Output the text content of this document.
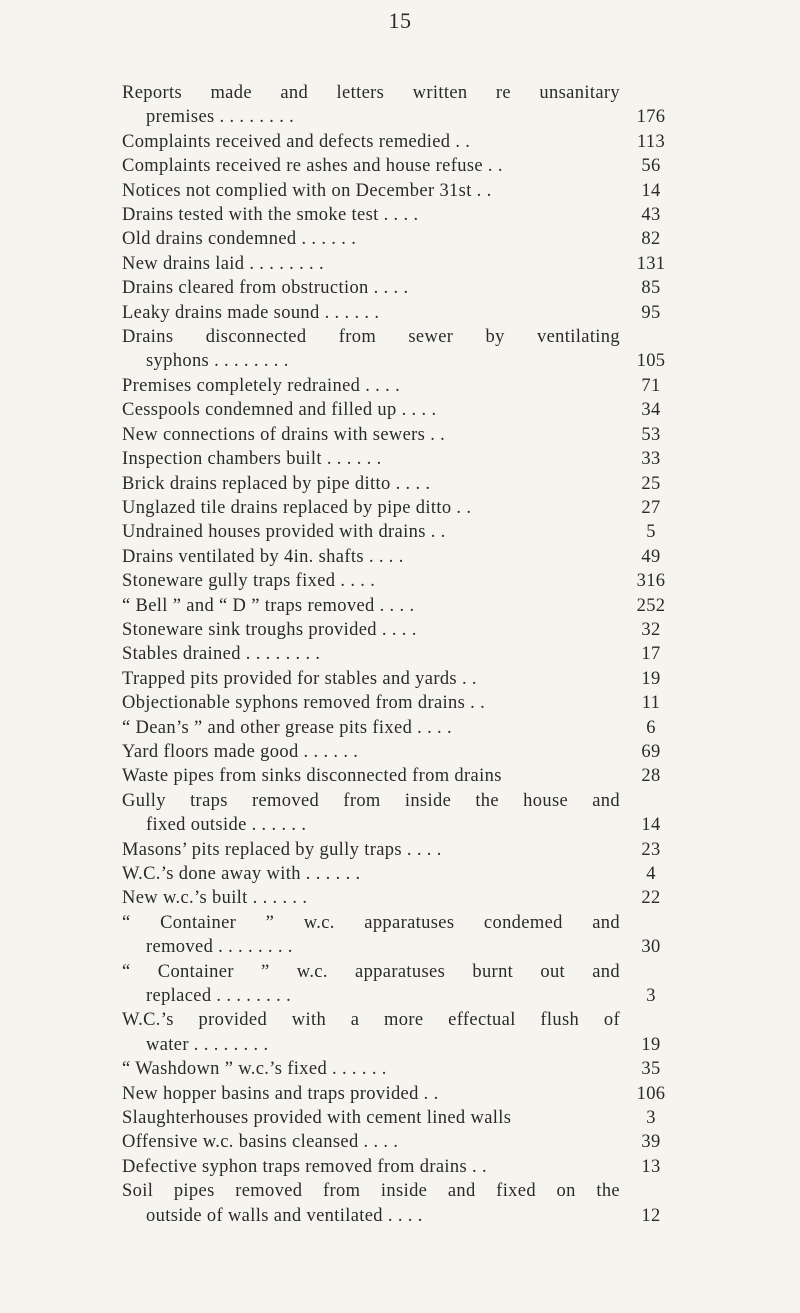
15
Reports made and letters written re unsanitary
premises . . . . . . . .	176
Complaints received and defects remedied . .	113
Complaints received re ashes and house refuse . .	56
Notices not complied with on December 31st . .	14
Drains tested with the smoke test . . . .	43
Old drains condemned . . . . . .	82
New drains laid . . . . . . . .	131
Drains cleared from obstruction . . . .	85
Leaky drains made sound . . . . . .	95
Drains disconnected from sewer by ventilating
syphons . . . . . . . .	105
Premises completely redrained . . . .	71
Cesspools condemned and filled up . . . .	34
New connections of drains with sewers . .	53
Inspection chambers built . . . . . .	33
Brick drains replaced by pipe ditto . . . .	25
Unglazed tile drains replaced by pipe ditto . .	27
Undrained houses provided with drains . .	5
Drains ventilated by 4in. shafts . . . .	49
Stoneware gully traps fixed . . . .	316
“ Bell ” and “ D ” traps removed . . . .	252
Stoneware sink troughs provided . . . .	32
Stables drained . . . . . . . .	17
Trapped pits provided for stables and yards . .	19
Objectionable syphons removed from drains . .	11
“ Dean’s ” and other grease pits fixed . . . .	6
Yard floors made good . . . . . .	69
Waste pipes from sinks disconnected from drains	28
Gully traps removed from inside the house and
fixed outside . . . . . .	14
Masons’ pits replaced by gully traps . . . .	23
W.C.’s done away with . . . . . .	4
New w.c.’s built . . . . . .	22
“ Container ” w.c. apparatuses condemed and
removed . . . . . . . .	30
“ Container ” w.c. apparatuses burnt out and
replaced . . . . . . . .	3
W.C.’s provided with a more effectual flush of
water . . . . . . . .	19
“ Washdown ” w.c.’s fixed . . . . . .	35
New hopper basins and traps provided . .	106
Slaughterhouses provided with cement lined walls	3
Offensive w.c. basins cleansed . . . .	39
Defective syphon traps removed from drains . .	13
Soil pipes removed from inside and fixed on the
outside of walls and ventilated . . . .	12
